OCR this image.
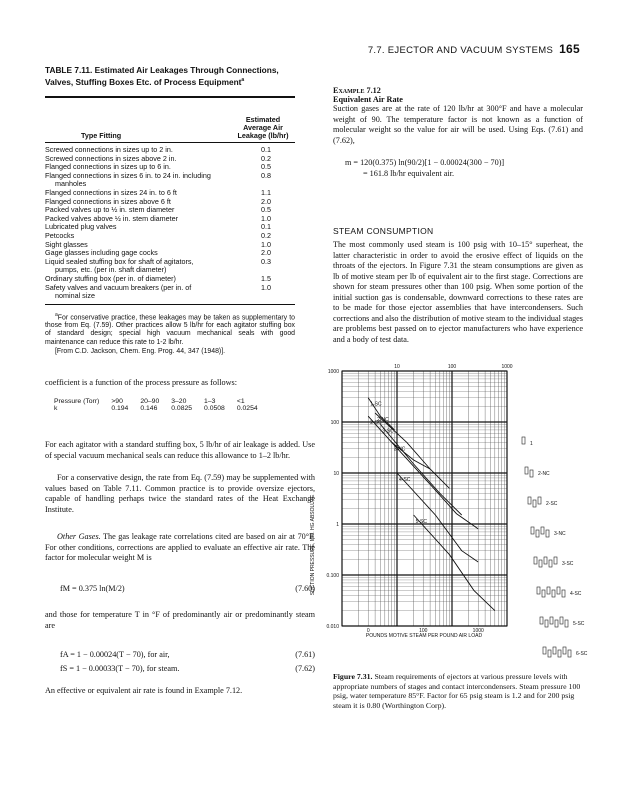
7.7. EJECTOR AND VACUUM SYSTEMS 165
TABLE 7.11. Estimated Air Leakages Through Connections, Valves, Stuffing Boxes Etc. of Process Equipment$^a$
Type Fitting
Estimated Average Air Leakage (lb/hr)
Screwed connections in sizes up to 2 in.	0.1
Screwed connections in sizes above 2 in.	0.2
Flanged connections in sizes up to 6 in.	0.5
Flanged connections in sizes 6 in. to 24 in. including	0.8
manholes
Flanged connections in sizes 24 in. to 6 ft	1.1
Flanged connections in sizes above 6 ft	2.0
Packed valves up to ½ in. stem diameter	0.5
Packed valves above ½ in. stem diameter	1.0
Lubricated plug valves	0.1
Petcocks	0.2
Sight glasses	1.0
Gage glasses including gage cocks	2.0
Liquid sealed stuffing box for shaft of agitators,	0.3
pumps, etc. (per in. shaft diameter)
Ordinary stuffing box (per in. of diameter)	1.5
Safety valves and vacuum breakers (per in. of	1.0
nominal size
$^a$For conservative practice, these leakages may be taken as supplementary to those from Eq. (7.59). Other practices allow 5 lb/hr for each agitator stuffing box of standard design; special high vacuum mechanical seals with good maintenance can reduce this rate to 1-2 lb/hr.
[From C.D. Jackson, Chem. Eng. Prog. 44, 347 (1948)].
coefficient is a function of the process pressure as follows:
Pressure (Torr)	>90	20–90	3–20	1–3	<1
k	0.194	0.146	0.0825	0.0508	0.0254
For each agitator with a standard stuffing box, 5 lb/hr of air leakage is added. Use of special vacuum mechanical seals can reduce this allowance to 1–2 lb/hr.
For a conservative design, the rate from Eq. (7.59) may be supplemented with values based on Table 7.11. Common practice is to provide oversize ejectors, capable of handling perhaps twice the standard rates of the Heat Exchange Institute.
Other Gases. The gas leakage rate correlations cited are based on air at 70°F. For other conditions, corrections are applied to evaluate an effective air rate. The factor for molecular weight M is
fM = 0.375 ln(M/2)	(7.60)
and those for temperature T in °F of predominantly air or predominantly steam are
fA = 1 − 0.00024(T − 70), for air,	(7.61)
fS = 1 − 0.00033(T − 70), for steam.	(7.62)
An effective or equivalent air rate is found in Example 7.12.
Example 7.12
Equivalent Air Rate
Suction gases are at the rate of 120 lb/hr at 300°F and have a molecular weight of 90. The temperature factor is not known as a function of molecular weight so the value for air will be used. Using Eqs. (7.61) and (7.62),
m = 120(0.375) ln(90/2)[1 − 0.00024(300 − 70)]
= 161.8 lb/hr equivalent air.
STEAM CONSUMPTION
The most commonly used steam is 100 psig with 10–15° superheat, the latter characteristic in order to avoid the erosive effect of liquids on the throats of the ejectors. In Figure 7.31 the steam consumptions are given as lb of motive steam per lb of equivalent air to the first stage. Corrections are shown for steam pressures other than 100 psig. When some portion of the initial suction gas is condensable, downward corrections to these rates are to be made for those ejector assemblies that have intercondensers. Such corrections and also the distribution of motive steam to the individual stages are problems best passed on to ejector manufacturers who have experience and a body of test data.
1-SC
2-SC
2-NC
3-SC
3-NC
4-SC
5-SC
10	100	1000
1000
100
10
1
0.100
0.010
0	100	1000
POUNDS MOTIVE STEAM PER POUND AIR LOAD
SUCTION PRESSURE, MM. HG ABSOLUTE
1
2-NC
2-SC
3-NC
3-SC
4-SC
5-SC
6-SC
Figure 7.31. Steam requirements of ejectors at various pressure levels with appropriate numbers of stages and contact intercondensers. Steam pressure 100 psig, water temperature 85°F. Factor for 65 psig steam is 1.2 and for 200 psig steam it is 0.80 (Worthington Corp).
